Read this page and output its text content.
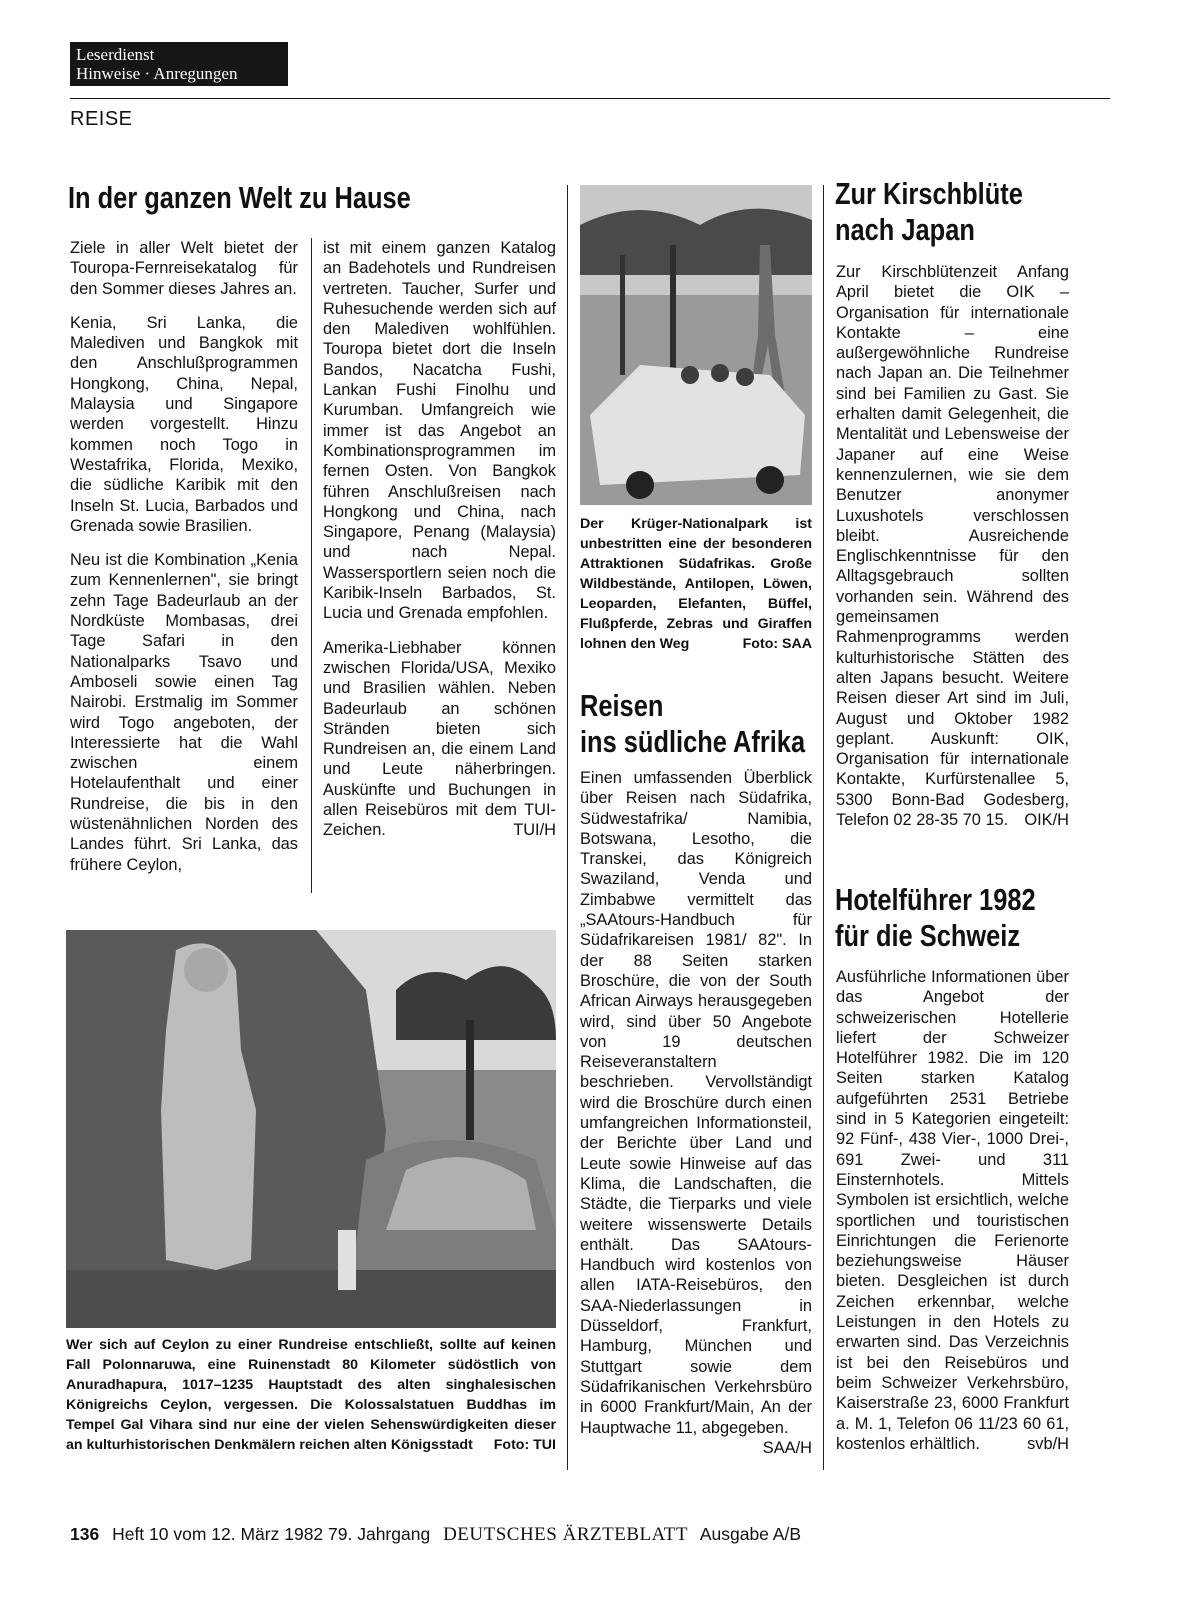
Leserdienst
Hinweise · Anregungen
REISE
In der ganzen Welt zu Hause

Ziele in aller Welt bietet der Touropa-Fernreisekatalog für den Sommer dieses Jahres an.

Kenia, Sri Lanka, die Malediven und Bangkok mit den Anschlußprogrammen Hongkong, China, Nepal, Malaysia und Singapore werden vorgestellt. Hinzu kommen noch Togo in Westafrika, Florida, Mexiko, die südliche Karibik mit den Inseln St. Lucia, Barbados und Grenada sowie Brasilien.

Neu ist die Kombination „Kenia zum Kennenlernen", sie bringt zehn Tage Badeurlaub an der Nordküste Mombasas, drei Tage Safari in den Nationalparks Tsavo und Amboseli sowie einen Tag Nairobi. Erstmalig im Sommer wird Togo angeboten, der Interessierte hat die Wahl zwischen einem Hotelaufenthalt und einer Rundreise, die bis in den wüstenähnlichen Norden des Landes führt. Sri Lanka, das frühere Ceylon,

ist mit einem ganzen Katalog an Badehotels und Rundreisen vertreten. Taucher, Surfer und Ruhesuchende werden sich auf den Malediven wohlfühlen. Touropa bietet dort die Inseln Bandos, Nacatcha Fushi, Lankan Fushi Finolhu und Kurumban. Umfangreich wie immer ist das Angebot an Kombinationsprogrammen im fernen Osten. Von Bangkok führen Anschlußreisen nach Hongkong und China, nach Singapore, Penang (Malaysia) und nach Nepal. Wassersportlern seien noch die Karibik-Inseln Barbados, St. Lucia und Grenada empfohlen.

Amerika-Liebhaber können zwischen Florida/USA, Mexiko und Brasilien wählen. Neben Badeurlaub an schönen Stränden bieten sich Rundreisen an, die einem Land und Leute näherbringen. Auskünfte und Buchungen in allen Reisebüros mit dem TUI-Zeichen.	TUI/H

Wer sich auf Ceylon zu einer Rundreise entschließt, sollte auf keinen Fall Polonnaruwa, eine Ruinenstadt 80 Kilometer südöstlich von Anuradhapura, 1017–1235 Hauptstadt des alten singhalesischen Königreichs Ceylon, vergessen. Die Kolossalstatuen Buddhas im Tempel Gal Vihara sind nur eine der vielen Sehenswürdigkeiten dieser an kulturhistorischen Denkmälern reichen alten Königsstadt Foto: TUI
Der Krüger-Nationalpark ist unbestritten eine der besonderen Attraktionen Südafrikas. Große Wildbestände, Antilopen, Löwen, Leoparden, Elefanten, Büffel, Flußpferde, Zebras und Giraffen lohnen den Weg	Foto: SAA
Reisen
ins südliche Afrika

Einen umfassenden Überblick über Reisen nach Südafrika, Südwestafrika/ Namibia, Botswana, Lesotho, die Transkei, das Königreich Swaziland, Venda und Zimbabwe vermittelt das „SAAtours-Handbuch für Südafrikareisen 1981/ 82". In der 88 Seiten starken Broschüre, die von der South African Airways herausgegeben wird, sind über 50 Angebote von 19 deutschen Reiseveranstaltern beschrieben. Vervollständigt wird die Broschüre durch einen umfangreichen Informationsteil, der Berichte über Land und Leute sowie Hinweise auf das Klima, die Landschaften, die Städte, die Tierparks und viele weitere wissenswerte Details enthält. Das SAAtours-Handbuch wird kostenlos von allen IATA-Reisebüros, den SAA-Niederlassungen in Düsseldorf, Frankfurt, Hamburg, München und Stuttgart sowie dem Südafrikanischen Verkehrsbüro in 6000 Frankfurt/Main, An der Hauptwache 11, abgegeben.
SAA/H

Zur Kirschblüte
nach Japan

Zur Kirschblütenzeit Anfang April bietet die OIK – Organisation für internationale Kontakte – eine außergewöhnliche Rundreise nach Japan an. Die Teilnehmer sind bei Familien zu Gast. Sie erhalten damit Gelegenheit, die Mentalität und Lebensweise der Japaner auf eine Weise kennenzulernen, wie sie dem Benutzer anonymer Luxushotels verschlossen bleibt. Ausreichende Englischkenntnisse für den Alltagsgebrauch sollten vorhanden sein. Während des gemeinsamen Rahmenprogramms werden kulturhistorische Stätten des alten Japans besucht. Weitere Reisen dieser Art sind im Juli, August und Oktober 1982 geplant. Auskunft: OIK, Organisation für internationale Kontakte, Kurfürstenallee 5, 5300 Bonn-Bad Godesberg, Telefon 02 28-35 70 15. OIK/H

Hotelführer 1982
für die Schweiz

Ausführliche Informationen über das Angebot der schweizerischen Hotellerie liefert der Schweizer Hotelführer 1982. Die im 120 Seiten starken Katalog aufgeführten 2531 Betriebe sind in 5 Kategorien eingeteilt: 92 Fünf-, 438 Vier-, 1000 Drei-, 691 Zwei- und 311 Einsternhotels. Mittels Symbolen ist ersichtlich, welche sportlichen und touristischen Einrichtungen die Ferienorte beziehungsweise Häuser bieten. Desgleichen ist durch Zeichen erkennbar, welche Leistungen in den Hotels zu erwarten sind. Das Verzeichnis ist bei den Reisebüros und beim Schweizer Verkehrsbüro, Kaiserstraße 23, 6000 Frankfurt a. M. 1, Telefon 06 11/23 60 61, kostenlos erhältlich.	svb/H

136 Heft 10 vom 12. März 1982 79. Jahrgang DEUTSCHES ÄRZTEBLATT Ausgabe A/B
